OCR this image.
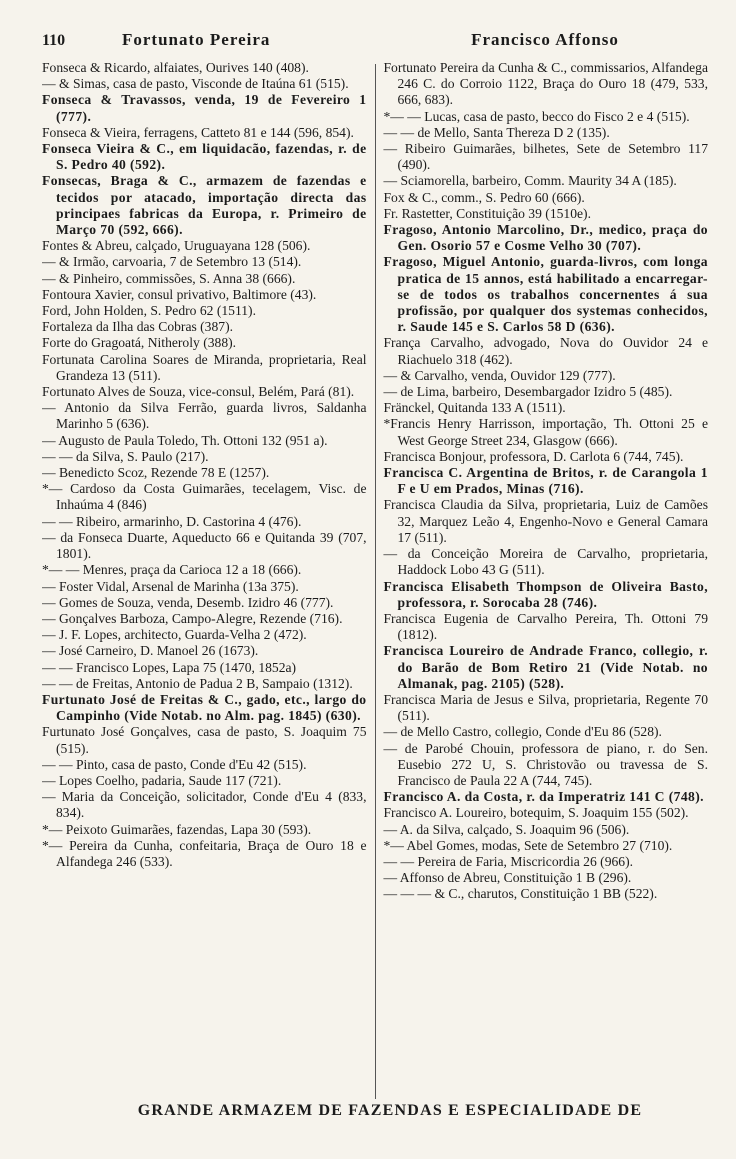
110	Fortunato Pereira	Francisco Affonso

Fonseca & Ricardo, alfaiates, Ourives 140 (408).

— & Simas, casa de pasto, Visconde de Itaúna 61 (515).

Fonseca & Travassos, venda, 19 de Fevereiro 1 (777).

Fonseca & Vieira, ferragens, Catteto 81 e 144 (596, 854).

Fonseca Vieira & C., em liquidacão, fazendas, r. de S. Pedro 40 (592).

Fonsecas, Braga & C., armazem de fazendas e tecidos por atacado, importação directa das principaes fabricas da Europa, r. Primeiro de Março 70 (592, 666).

Fontes & Abreu, calçado, Uruguayana 128 (506).

— & Irmão, carvoaria, 7 de Setembro 13 (514).

— & Pinheiro, commissões, S. Anna 38 (666).

Fontoura Xavier, consul privativo, Baltimore (43).

Ford, John Holden, S. Pedro 62 (1511).

Fortaleza da Ilha das Cobras (387).

Forte do Gragoatá, Nitheroly (388).

Fortunata Carolina Soares de Miranda, proprietaria, Real Grandeza 13 (511).

Fortunato Alves de Souza, vice-consul, Belém, Pará (81).

— Antonio da Silva Ferrão, guarda livros, Saldanha Marinho 5 (636).

— Augusto de Paula Toledo, Th. Ottoni 132 (951 a).

— — da Silva, S. Paulo (217).

— Benedicto Scoz, Rezende 78 E (1257).

*— Cardoso da Costa Guimarães, tecelagem, Visc. de Inhaúma 4 (846)

— — Ribeiro, armarinho, D. Castorina 4 (476).

— da Fonseca Duarte, Aqueducto 66 e Quitanda 39 (707, 1801).

*— — Menres, praça da Carioca 12 a 18 (666).

— Foster Vidal, Arsenal de Marinha (13a 375).

— Gomes de Souza, venda, Desemb. Izidro 46 (777).

— Gonçalves Barboza, Campo-Alegre, Rezende (716).

— J. F. Lopes, architecto, Guarda-Velha 2 (472).

— José Carneiro, D. Manoel 26 (1673).

— — Francisco Lopes, Lapa 75 (1470, 1852a)

— — de Freitas, Antonio de Padua 2 B, Sampaio (1312).

Furtunato José de Freitas & C., gado, etc., largo do Campinho (Vide Notab. no Alm. pag. 1845) (630).

Furtunato José Gonçalves, casa de pasto, S. Joaquim 75 (515).

— — Pinto, casa de pasto, Conde d'Eu 42 (515).

— Lopes Coelho, padaria, Saude 117 (721).

— Maria da Conceição, solicitador, Conde d'Eu 4 (833, 834).

*— Peixoto Guimarães, fazendas, Lapa 30 (593).

*— Pereira da Cunha, confeitaria, Braça de Ouro 18 e Alfandega 246 (533).

Fortunato Pereira da Cunha & C., commissarios, Alfandega 246 C. do Corroio 1122, Braça do Ouro 18 (479, 533, 666, 683).

*— — Lucas, casa de pasto, becco do Fisco 2 e 4 (515).

— — de Mello, Santa Thereza D 2 (135).

— Ribeiro Guimarães, bilhetes, Sete de Setembro 117 (490).

— Sciamorella, barbeiro, Comm. Maurity 34 A (185).

Fox & C., comm., S. Pedro 60 (666).

Fr. Rastetter, Constituição 39 (1510e).

Fragoso, Antonio Marcolino, Dr., medico, praça do Gen. Osorio 57 e Cosme Velho 30 (707).

Fragoso, Miguel Antonio, guarda-livros, com longa pratica de 15 annos, está habilitado a encarregar-se de todos os trabalhos concernentes á sua profissão, por qualquer dos systemas conhecidos, r. Saude 145 e S. Carlos 58 D (636).

França Carvalho, advogado, Nova do Ouvidor 24 e Riachuelo 318 (462).

— & Carvalho, venda, Ouvidor 129 (777).

— de Lima, barbeiro, Desembargador Izidro 5 (485).

Fränckel, Quitanda 133 A (1511).

*Francis Henry Harrisson, importação, Th. Ottoni 25 e West George Street 234, Glasgow (666).

Francisca Bonjour, professora, D. Carlota 6 (744, 745).

Francisca C. Argentina de Britos, r. de Carangola 1 F e U em Prados, Minas (716).

Francisca Claudia da Silva, proprietaria, Luiz de Camões 32, Marquez Leão 4, Engenho-Novo e General Camara 17 (511).

— da Conceição Moreira de Carvalho, proprietaria, Haddock Lobo 43 G (511).

Francisca Elisabeth Thompson de Oliveira Basto, professora, r. Sorocaba 28 (746).

Francisca Eugenia de Carvalho Pereira, Th. Ottoni 79 (1812).

Francisca Loureiro de Andrade Franco, collegio, r. do Barão de Bom Retiro 21 (Vide Notab. no Almanak, pag. 2105) (528).

Francisca Maria de Jesus e Silva, proprietaria, Regente 70 (511).

— de Mello Castro, collegio, Conde d'Eu 86 (528).

— de Parobé Chouin, professora de piano, r. do Sen. Eusebio 272 U, S. Christovão ou travessa de S. Francisco de Paula 22 A (744, 745).

Francisco A. da Costa, r. da Imperatriz 141 C (748).

Francisco A. Loureiro, botequim, S. Joaquim 155 (502).

— A. da Silva, calçado, S. Joaquim 96 (506).

*— Abel Gomes, modas, Sete de Setembro 27 (710).

— — Pereira de Faria, Miscricordia 26 (966).

— Affonso de Abreu, Constituição 1 B (296).

— — — & C., charutos, Constituição 1 BB (522).

GRANDE ARMAZEM DE FAZENDAS E ESPECIALIDADE DE
